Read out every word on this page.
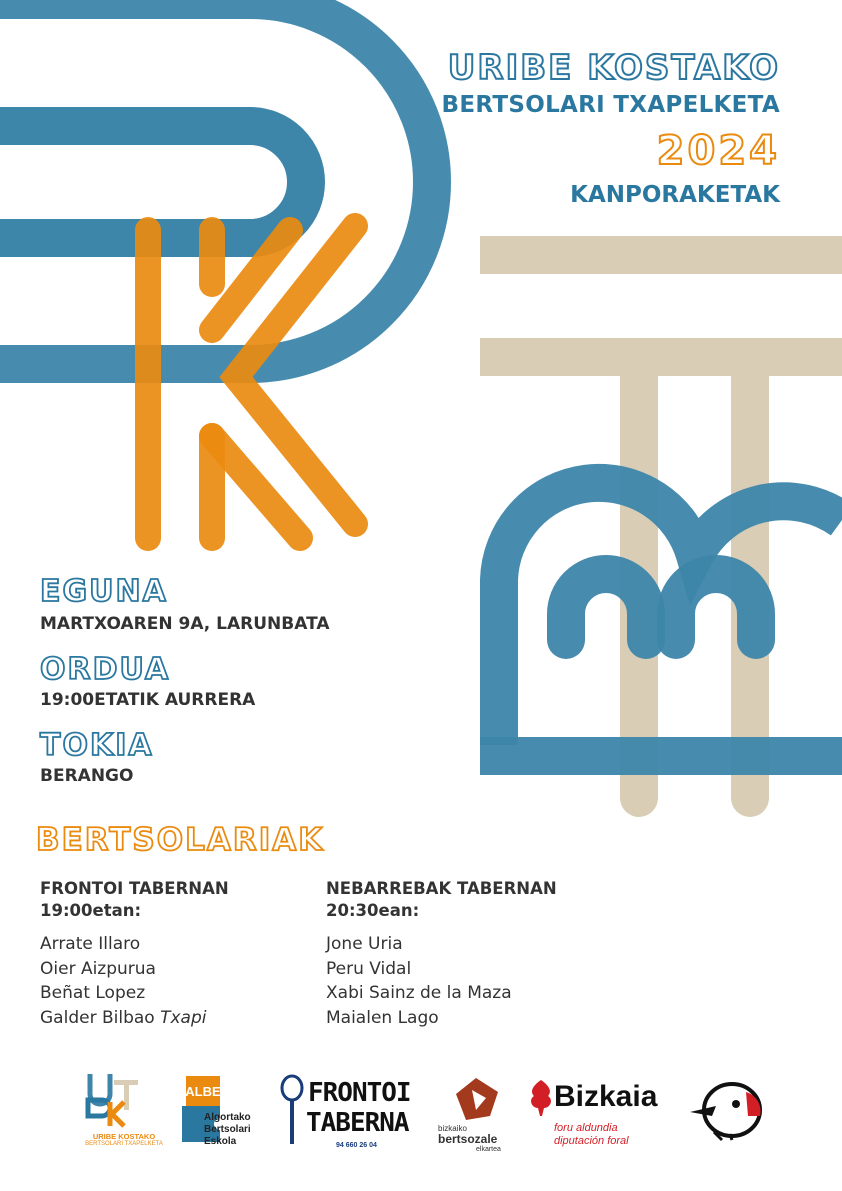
URIBE KOSTAKO
BERTSOLARI TXAPELKETA
2024
KANPORAKETAK
EGUNA
MARTXOAREN 9A, LARUNBATA
ORDUA
19:00ETATIK AURRERA
TOKIA
BERANGO
BERTSOLARIAK
FRONTOI TABERNAN
19:00etan:
Arrate Illaro
Oier Aizpurua
Beñat Lopez
Galder Bilbao Txapi
NEBARREBAK TABERNAN
20:30ean:
Jone Uria
Peru Vidal
Xabi Sainz de la Maza
Maialen Lago
URIBE KOSTAKO
BERTSOLARI TXAPELKETA
ALBE
Algortako
Bertsolari
Eskola
FRONTOI
TABERNA
94 660 26 04
bizkaiko
bertsozale
elkartea
Bizkaia
foru aldundia
diputación foral
